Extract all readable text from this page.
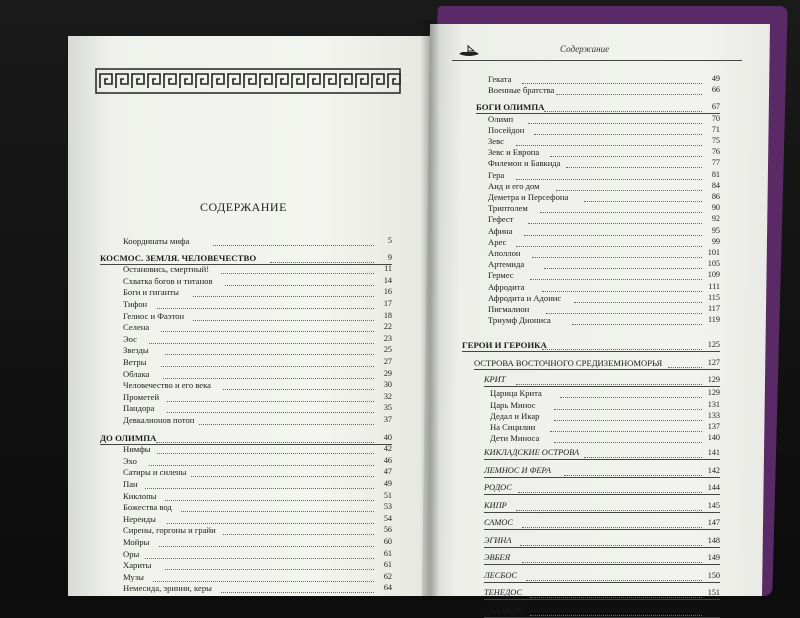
СОДЕРЖАНИЕ
Содержание
Координаты мифа	5
КОСМОС. ЗЕМЛЯ. ЧЕЛОВЕЧЕСТВО	9
Остановись, смертный!	11
Схватка богов и титанов	14
Боги и гиганты	16
Тифон	17
Гелиос и Фаэтон	18
Селена	22
Эос	23
Звезды	25
Ветры	27
Облака	29
Человечество и его века	30
Прометей	32
Пандора	35
Девкалионов потоп	37
ДО ОЛИМПА	40
Нимфы	42
Эхо	46
Сатиры и силены	47
Пан	49
Киклопы	51
Божества вод	53
Нереиды	54
Сирены, горгоны и грайи	56
Мойры	60
Оры	61
Хариты	61
Музы	62
Немесида, эринии, керы	64
Геката	49
Военные братства	66
БОГИ ОЛИМПА	67
Олимп	70
Посейдон	71
Зевс	75
Зевс и Европа	76
Филемон и Бавкида	77
Гера	81
Аид и его дом	84
Деметра и Персефона	86
Триптолем	90
Гефест	92
Афина	95
Арес	99
Аполлон	101
Артемида	105
Гермес	109
Афродита	111
Афродита и Адонис	115
Пигмалион	117
Триумф Диониса	119
ГЕРОИ И ГЕРОИКА	125
ОСТРОВА ВОСТОЧНОГО СРЕДИЗЕМНОМОРЬЯ	127
КРИТ	129
Царица Крита	129
Царь Минос	131
Дедал и Икар	133
На Сицилии	137
Дети Миноса	140
КИКЛАДСКИЕ ОСТРОВА	141
ЛЕМНОС И ФЕРА	142
РОДОС	144
КИПР	145
САМОС	147
ЭГИНА	148
ЭВБЕЯ	149
ЛЕСБОС	150
ТЕНЕДОС	151
САЛАМИН
